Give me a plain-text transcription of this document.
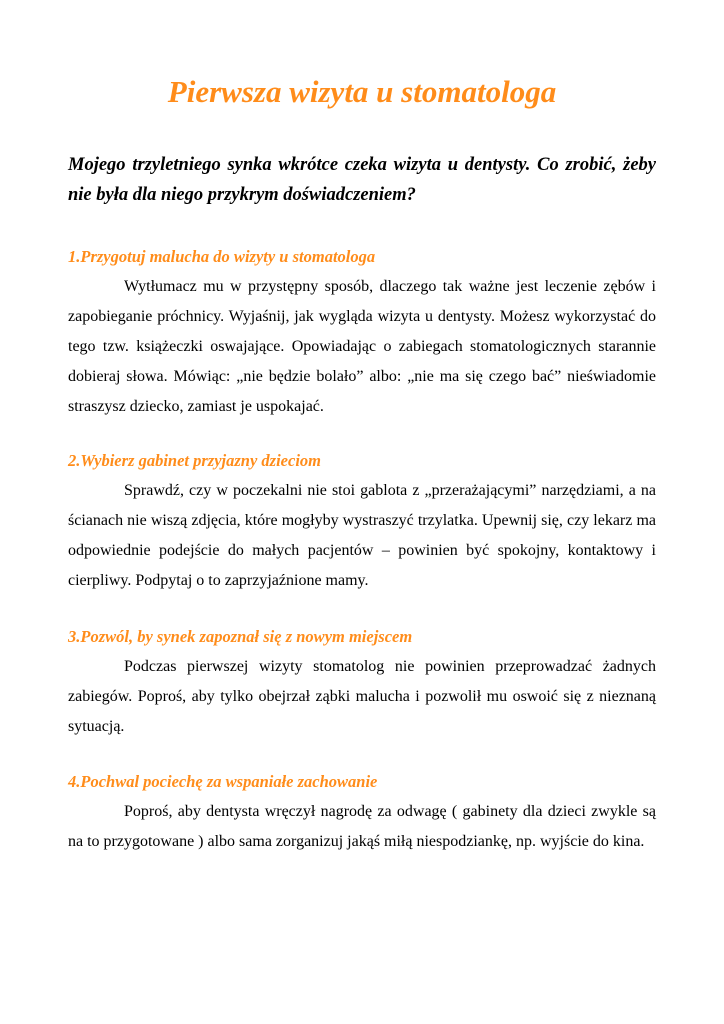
Pierwsza wizyta u stomatologa

Mojego trzyletniego synka wkrótce czeka wizyta u dentysty. Co zrobić, żeby nie była dla niego przykrym doświadczeniem?

1.Przygotuj malucha do wizyty u stomatologa

Wytłumacz mu w przystępny sposób, dlaczego tak ważne jest leczenie zębów i zapobieganie próchnicy. Wyjaśnij, jak wygląda wizyta u dentysty. Możesz wykorzystać do tego tzw. książeczki oswajające. Opowiadając o zabiegach stomatologicznych starannie dobieraj słowa. Mówiąc: „nie będzie bolało” albo: „nie ma się czego bać” nieświadomie straszysz dziecko, zamiast je uspokajać.

2.Wybierz gabinet przyjazny dzieciom

Sprawdź, czy w poczekalni nie stoi gablota z „przerażającymi” narzędziami, a na ścianach nie wiszą zdjęcia, które mogłyby wystraszyć trzylatka. Upewnij się, czy lekarz ma odpowiednie podejście do małych pacjentów – powinien być spokojny, kontaktowy i cierpliwy. Podpytaj o to zaprzyjaźnione mamy.

3.Pozwól, by synek zapoznał się z nowym miejscem

Podczas pierwszej wizyty stomatolog nie powinien przeprowadzać żadnych zabiegów. Poproś, aby tylko obejrzał ząbki malucha i pozwolił mu oswoić się z nieznaną sytuacją.

4.Pochwal pociechę za wspaniałe zachowanie

Poproś, aby dentysta wręczył nagrodę za odwagę ( gabinety dla dzieci zwykle są na to przygotowane ) albo sama zorganizuj jakąś miłą niespodziankę, np. wyjście do kina.
